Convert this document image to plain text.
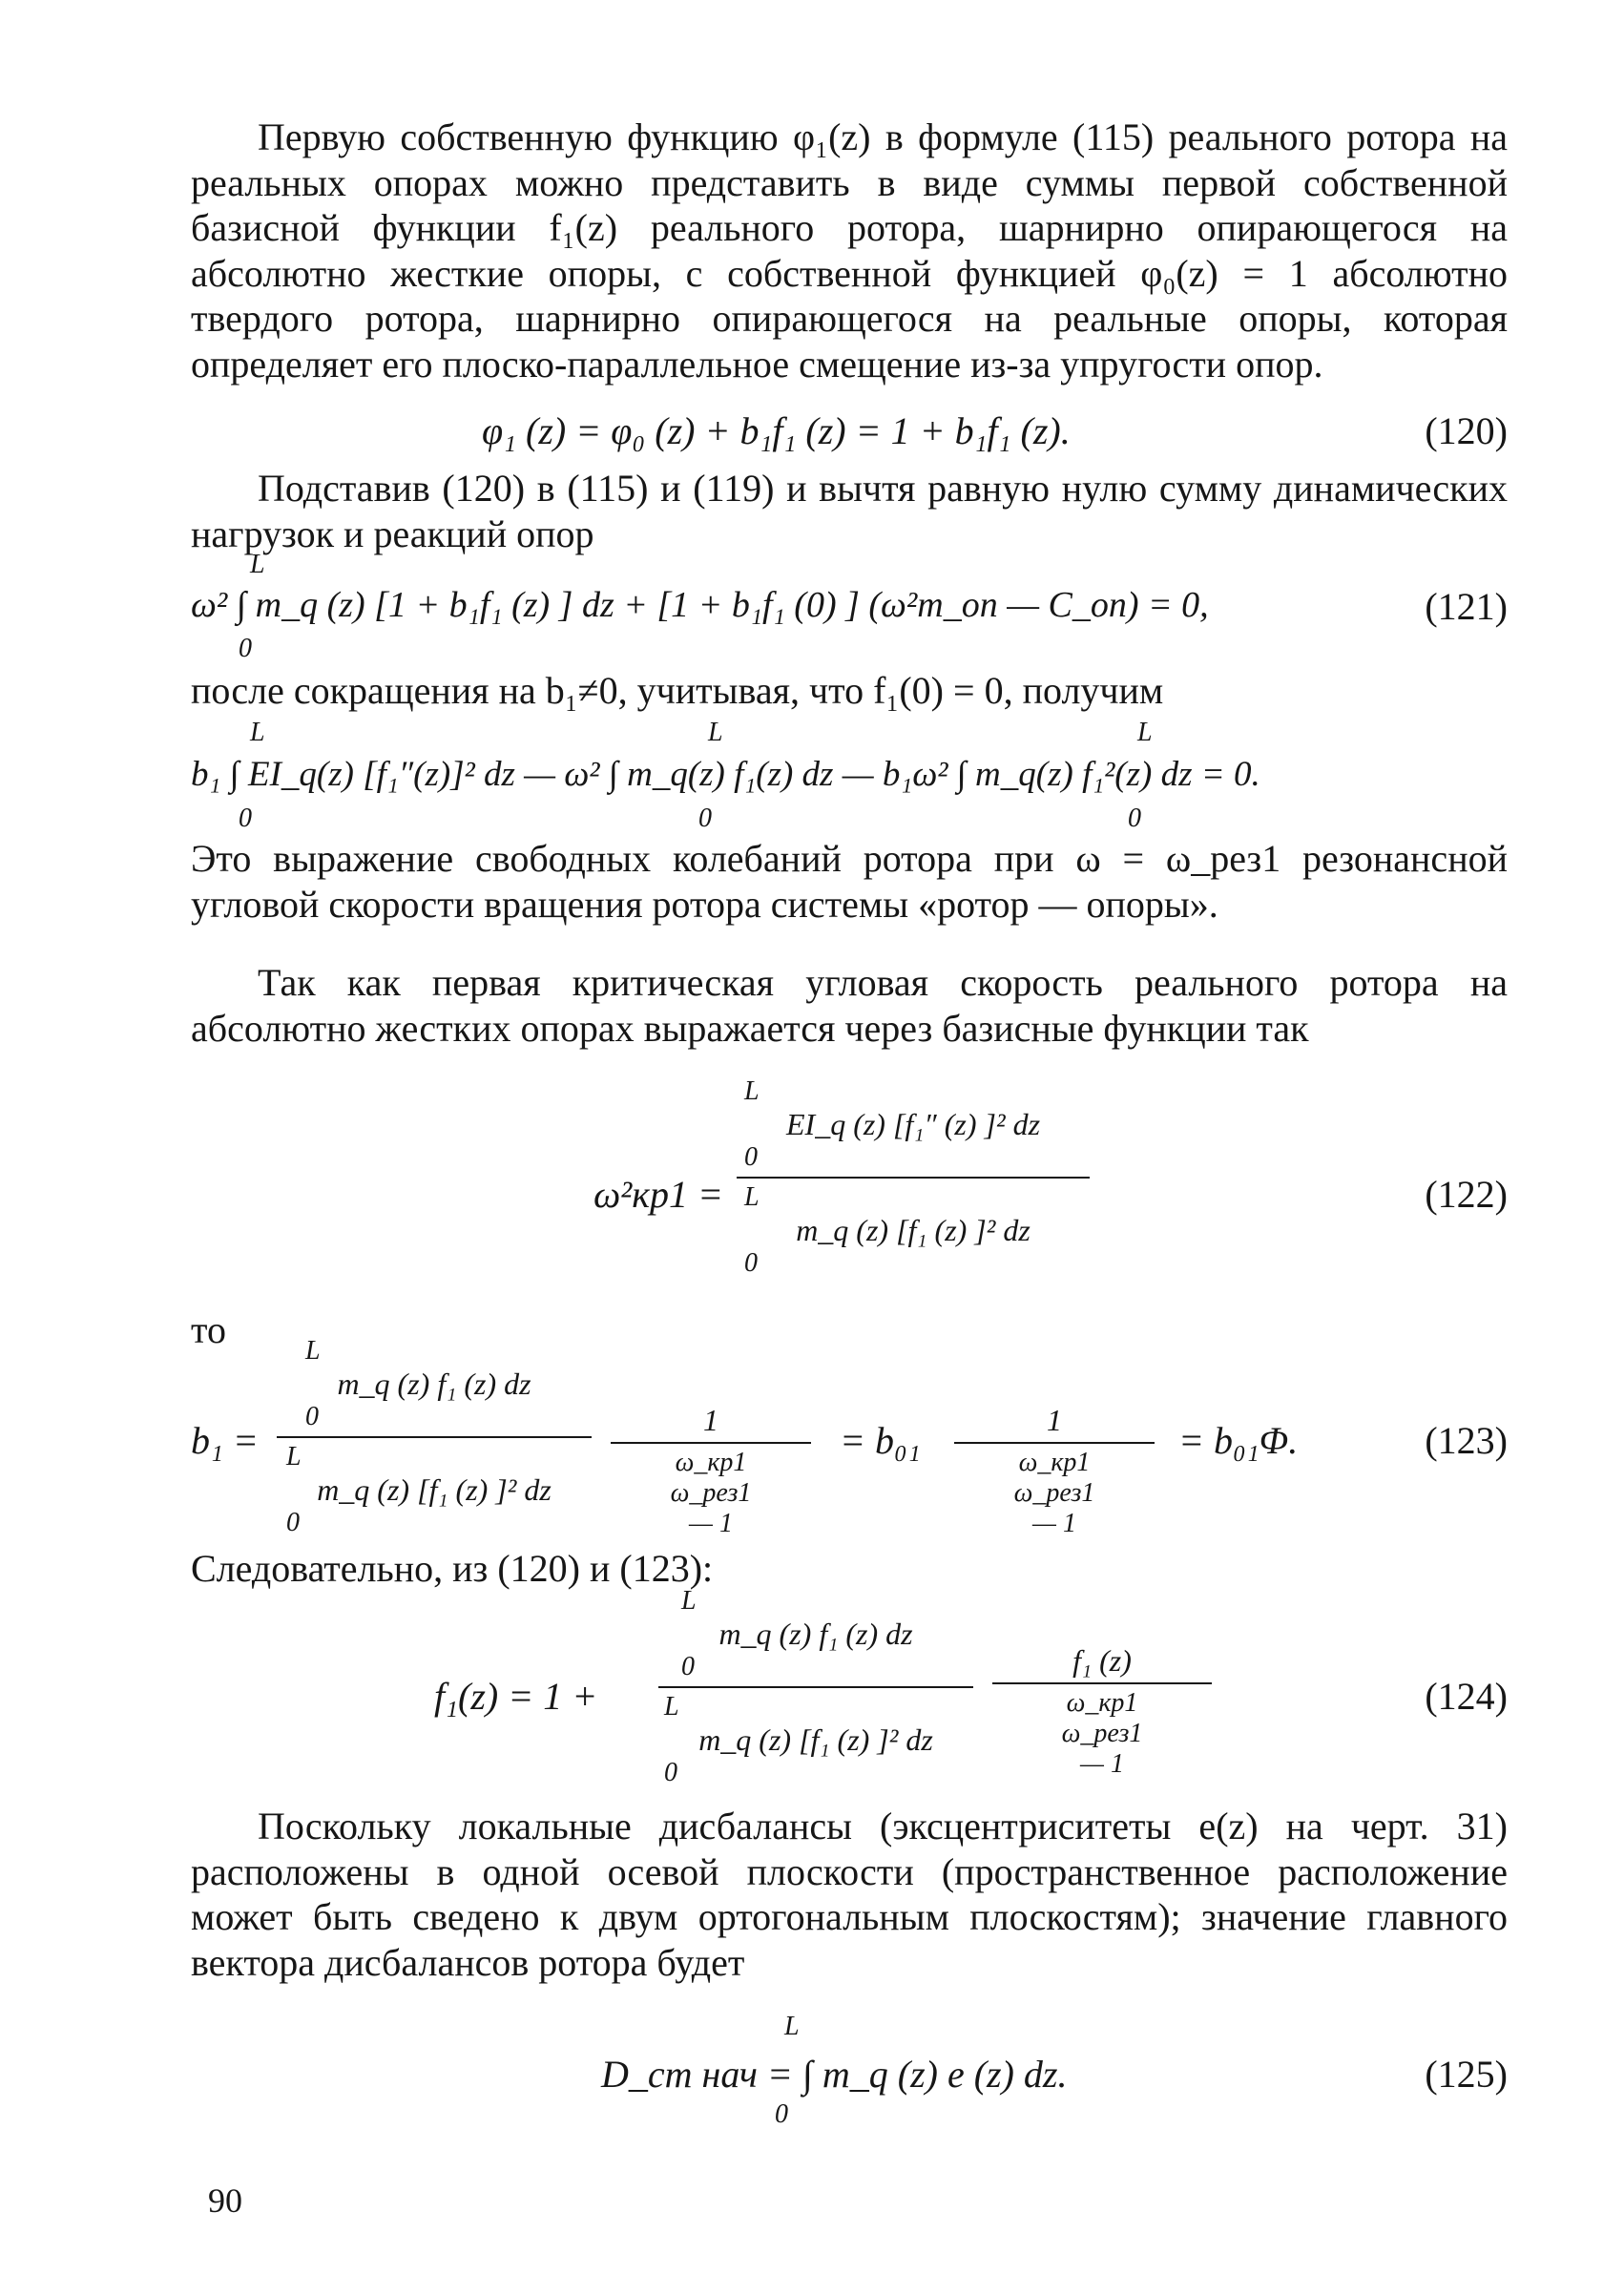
Первую собственную функцию φ₁(z) в формуле (115) реального ротора на реальных опорах можно представить в виде суммы первой собственной базисной функции f₁(z) реального ротора, шарнирно опирающегося на абсолютно жесткие опоры, с собственной функцией φ₀(z) = 1 абсолютно твердого ротора, шарнирно опирающегося на реальные опоры, которая определяет его плоско-параллельное смещение из-за упругости опор.

φ₁ (z) = φ₀ (z) + b₁f₁ (z) = 1 + b₁f₁ (z).	(120)

Подставив (120) в (115) и (119) и вычтя равную нулю сумму динамических нагрузок и реакций опор

L
ω² ∫ m_q (z) [1 + b₁f₁ (z) ] dz + [1 + b₁f₁ (0) ] (ω²m_оп — C_оп) = 0,
0
(121)

после сокращения на b₁≠0, учитывая, что f₁(0) = 0, получим

L	L	L
b₁ ∫ EI_q(z) [f₁″(z)]² dz — ω² ∫ m_q(z) f₁(z) dz — b₁ω² ∫ m_q(z) f₁²(z) dz = 0.
0	0	0

Это выражение свободных колебаний ротора при ω = ω_рез1 резонансной угловой скорости вращения ротора системы «ротор — опоры».

Так как первая критическая угловая скорость реального ротора на абсолютно жестких опорах выражается через базисные функции так

ω²кр1 =
L
EI_q (z) [f₁″ (z) ]² dz
0
L
m_q (z) [f₁ (z) ]² dz
0
(122)
то
b₁ =
L
m_q (z) f₁ (z) dz
0
L
m_q (z) [f₁ (z) ]² dz
0
1
ω_кр1
ω_рез1
— 1
= b₀₁	1
ω_кр1
ω_рез1
— 1
= b₀₁Φ.	(123)
Следовательно, из (120) и (123):
f₁(z) = 1 +
L
m_q (z) f₁ (z) dz
0
L
m_q (z) [f₁ (z) ]² dz
0
f₁ (z)
ω_кр1
ω_рез1
— 1
(124)

Поскольку локальные дисбалансы (эксцентриситеты e(z) на черт. 31) расположены в одной осевой плоскости (пространственное расположение может быть сведено к двум ортогональным плоскостям); значение главного вектора дисбалансов ротора будет

L
D_ст нач = ∫ m_q (z) e (z) dz.
0
(125)
90
